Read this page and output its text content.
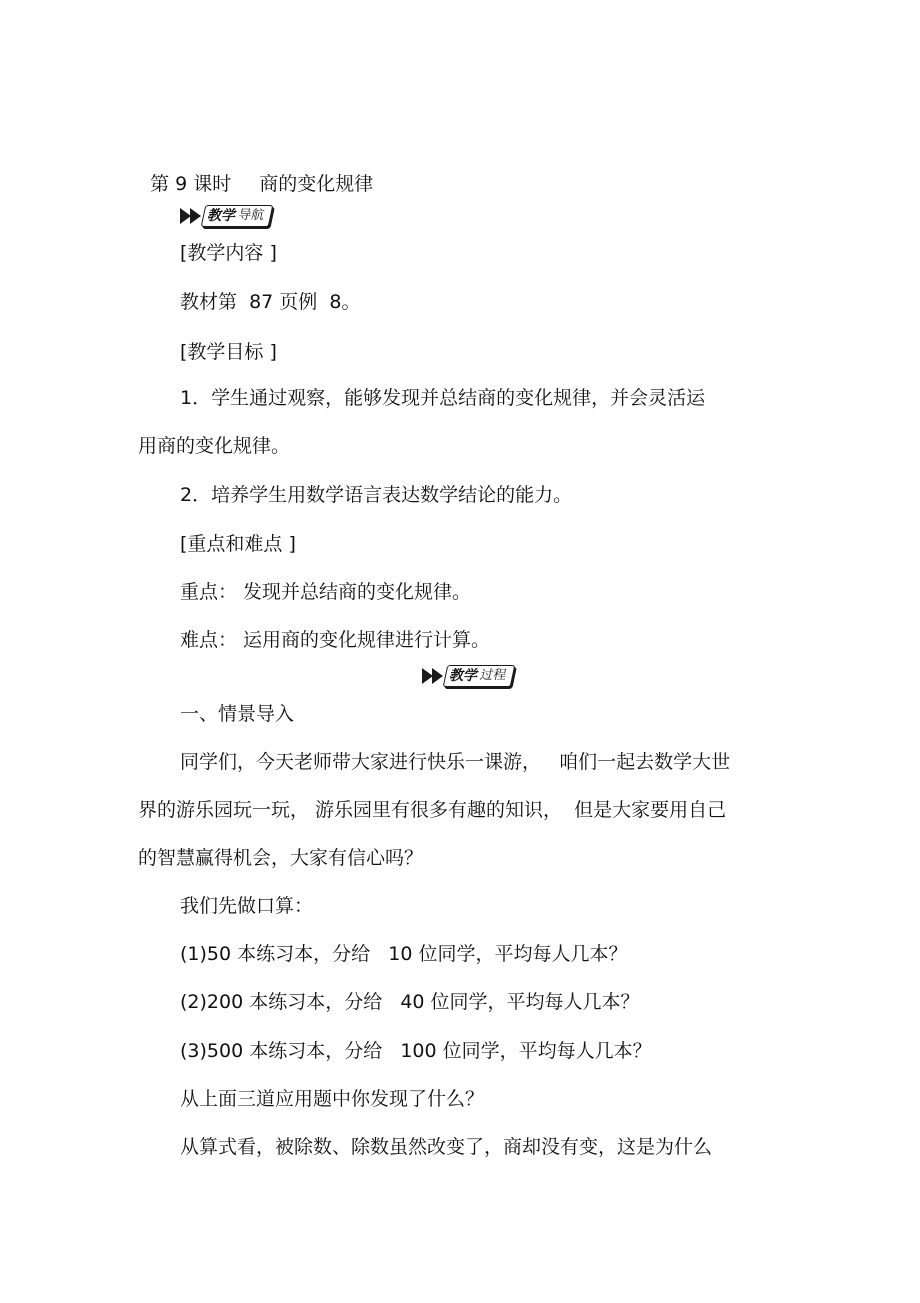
第 9 课时 商的变化规律

教学
导航
[教学内容 ]
教材第  87 页例  8。
[教学目标 ]
1．学生通过观察，能够发现并总结商的变化规律，并会灵活运
用商的变化规律。
2．培养学生用数学语言表达数学结论的能力。
[重点和难点 ]
重点： 发现并总结商的变化规律。
难点： 运用商的变化规律进行计算。
教学
过程
一、情景导入
同学们，今天老师带大家进行快乐一课游，   咱们一起去数学大世
界的游乐园玩一玩， 游乐园里有很多有趣的知识，  但是大家要用自己
的智慧赢得机会，大家有信心吗？
我们先做口算：
(1)50 本练习本，分给   10 位同学，平均每人几本？
(2)200 本练习本，分给   40 位同学，平均每人几本？
(3)500 本练习本，分给   100 位同学，平均每人几本？
从上面三道应用题中你发现了什么？
从算式看，被除数、除数虽然改变了，商却没有变，这是为什么
